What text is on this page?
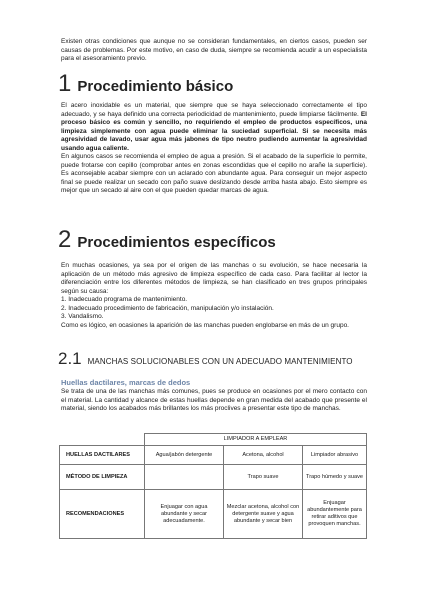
Existen otras condiciones que aunque no se consideran fundamentales, en ciertos casos, pueden ser causas de problemas. Por este motivo, en caso de duda, siempre se recomienda acudir a un especialista para el asesoramiento previo.
1 Procedimiento básico
El acero inoxidable es un material, que siempre que se haya seleccionado correctamente el tipo adecuado, y se haya definido una correcta periodicidad de mantenimiento, puede limpiarse fácilmente. El proceso básico es común y sencillo, no requiriendo el empleo de productos específicos, una limpieza simplemente con agua puede eliminar la suciedad superficial. Si se necesita más agresividad de lavado, usar agua más jabones de tipo neutro pudiendo aumentar la agresividad usando agua caliente.
En algunos casos se recomienda el empleo de agua a presión. Si el acabado de la superficie lo permite, puede frotarse con cepillo (comprobar antes en zonas escondidas que el cepillo no arañe la superficie). Es aconsejable acabar siempre con un aclarado con abundante agua. Para conseguir un mejor aspecto final se puede realizar un secado con paño suave deslizando desde arriba hasta abajo. Esto siempre es mejor que un secado al aire con el que pueden quedar marcas de agua.
2 Procedimientos específicos
En muchas ocasiones, ya sea por el origen de las manchas o su evolución, se hace necesaria la aplicación de un método más agresivo de limpieza específico de cada caso. Para facilitar al lector la diferenciación entre los diferentes métodos de limpieza, se han clasificado en tres grupos principales según su causa:
1. Inadecuado programa de mantenimiento.
2. Inadecuado procedimiento de fabricación, manipulación y/o instalación.
3. Vandalismo.
Como es lógico, en ocasiones la aparición de las manchas pueden englobarse en más de un grupo.
2.1 MANCHAS SOLUCIONABLES CON UN ADECUADO MANTENIMIENTO
Huellas dactilares, marcas de dedos
Se trata de una de las manchas más comunes, pues se produce en ocasiones por el mero contacto con el material. La cantidad y alcance de estas huellas depende en gran medida del acabado que presente el material, siendo los acabados más brillantes los más proclives a presentar este tipo de manchas.
	LIMPIADOR A EMPLEAR		
HUELLAS DACTILARES	Agua/jabón detergente	Acetona, alcohol	Limpiador abrasivo
MÉTODO DE LIMPIEZA		Trapo suave	Trapo húmedo y suave
RECOMENDACIONES	Enjuagar con agua abundante y secar adecuadamente.	Mezclar acetona, alcohol con detergente suave y agua abundante y secar bien	Enjuagar abundantemente para retirar aditivos que provoquen manchas.
